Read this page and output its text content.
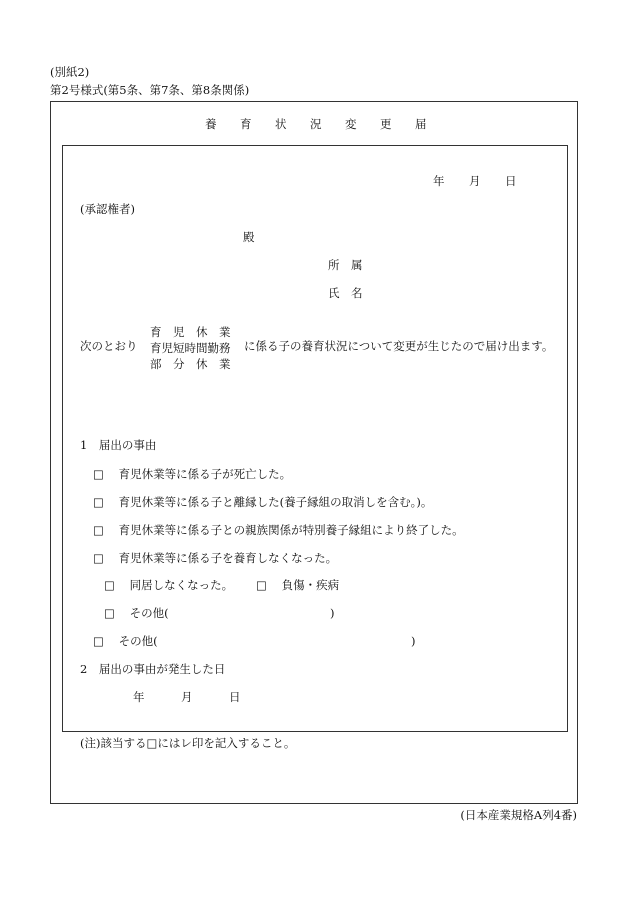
(別紙2)
第2号様式(第5条、第7条、第8条関係)
養 育 状 況 変 更 届
年 月 日
(承認権者)
殿
所　属
氏　名
次のとおり
育　児　休　業
育児短時間勤務
部　分　休　業
に係る子の養育状況について変更が生じたので届け出ます。
1　届出の事由
□ 育児休業等に係る子が死亡した。
□ 育児休業等に係る子と離縁した(養子縁組の取消しを含む。)。
□ 育児休業等に係る子との親族関係が特別養子縁組により終了した。
□ 育児休業等に係る子を養育しなくなった。
□ 同居しなくなった。 □ 負傷・疾病
□ その他(	)
□ その他(	)
2　届出の事由が発生した日
年	月	日
(注)該当する□にはレ印を記入すること。
(日本産業規格A列4番)
